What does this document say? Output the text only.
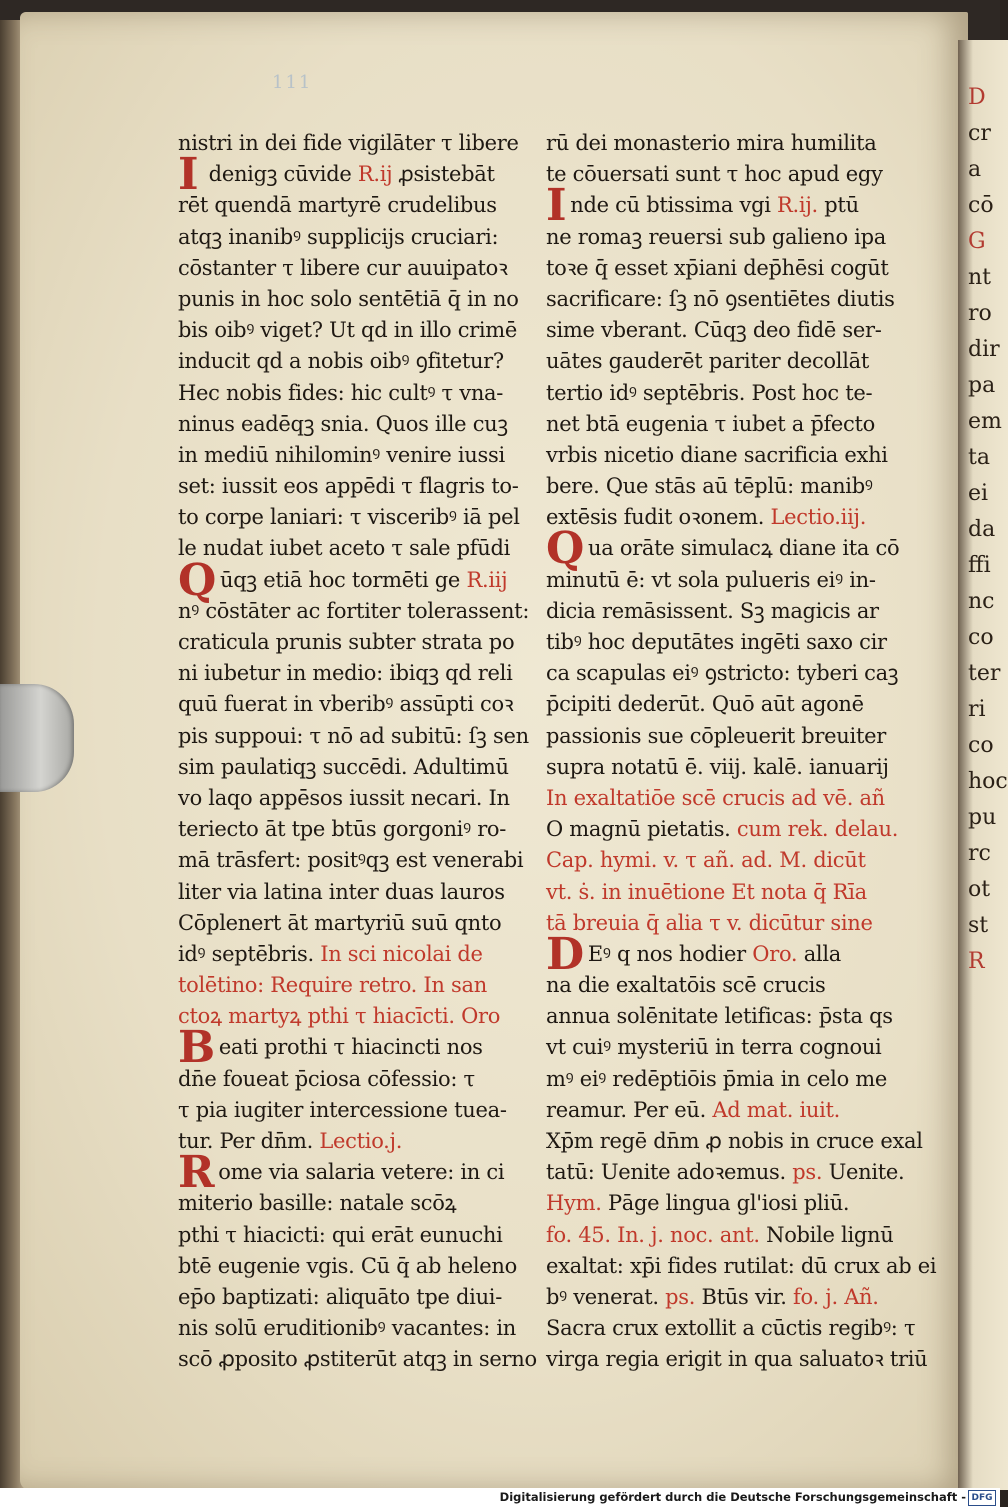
D
cr
a
cō
G
nt
ro
dir
pa
em
ta
ei
da
ffi
nc
co
ter
ri
co
hoc
pu
rc
ot
st
R
111
nistri in dei fide vigilāter τ libere
I denigꝫ cūvide R.ij ꝓsistebāt
rēt quendā martyrē crudelibus
atqꝫ inanibꝰ supplicijs cruciari:
cōstanter τ libere cur auuipatoꝛ
punis in hoc solo sentētiā q̄ in no
bis oibꝰ viget? Ut qd in illo crimē
inducit qd a nobis oibꝰ ꝯfitetur?
Hec nobis fides: hic cultꝰ τ vna-
ninus eadēqꝫ snia. Quos ille cuꝫ
in mediū nihilominꝰ venire iussi
set: iussit eos appēdi τ flagris to-
to corpe laniari: τ visceribꝰ iā pel
le nudat iubet aceto τ sale pfūdi
Qūqꝫ etiā hoc tormēti ge R.iij
nꝰ cōstāter ac fortiter tolerassent:
craticula prunis subter strata po
ni iubetur in medio: ibiqꝫ qd reli
quū fuerat in vberibꝰ assūpti coꝛ
pis suppoui: τ nō ad subitū: ſꝫ sen
sim paulatiqꝫ succēdi. Adultimū
vo laqo appēsos iussit necari. In
teriecto āt tpe btūs gorgoniꝰ ro-
mā trāsfert: positꝰqꝫ est venerabi
liter via latina inter duas lauros
Cōplenert āt martyriū suū qnto
idꝰ septēbris. In sci nicolai de
tolētino: Require retro. In san
ctoꝝ martyꝝ pthi τ hiacīcti. Oro
Beati prothi τ hiacincti nos
dn̄e foueat p̄ciosa cōfessio: τ
τ pia iugiter intercessione tuea-
tur. Per dn̄m. Lectio.j.
Rome via salaria vetere: in ci
miterio basille: natale scōꝝ
pthi τ hiacicti: qui erāt eunuchi
btē eugenie vgis. Cū q̄ ab helenο
ep̄o baptizati: aliquāto tpe diui-
nis solū eruditionibꝰ vacantes: in
scō ꝓposito ꝓstiterūt atqꝫ in serno
rū dei monasterio mira humilita
te cōuersati sunt τ hoc apud egy
Inde cū btissima vgi R.ij. ptū
ne romaꝫ reuersi sub galieno ipa
toꝛe q̄ esset xp̄iani dep̄hēsi cogūt
sacrificare: ſꝫ nō ꝯsentiētes diutis
sime vberant. Cūqꝫ deo fidē ser-
uātes gauderēt pariter decollāt
tertio idꝰ septēbris. Post hoc te-
net btā eugenia τ iubet a p̄fecto
vrbis nicetio diane sacrificia exhi
bere. Que stās aū tēplū: manibꝰ
extēsis fudit oꝛonem. Lectio.iij.
Qua orāte simulacꝝ diane ita cō
minutū ē: vt sola pulueris eiꝰ in-
dicia remāsissent. Sꝫ magicis ar
tibꝰ hoc deputātes ingēti saxo cir
ca scapulas eiꝰ ꝯstricto: tyberi caꝫ
p̄cipiti dederūt. Quō aūt agonē
passionis sue cōpleuerit breuiter
supra notatū ē. viij. kalē. ianuarij
In exaltatiōe scē crucis ad vē. añ
O magnū pietatis. cum rek. delau.
Cap. hymi. v. τ añ. ad. M. dicūt
vt. ṡ. in inuētione Et nota q̄ Rīa
tā breuia q̄ alia τ v. dicūtur sine
DEꝰ q nos hodier Oro. alla
na die exaltatōis scē crucis
annua solēnitate letificas: p̄sta qs
vt cuiꝰ mysteriū in terra cognoui
mꝰ eiꝰ redēptiōis p̄mia in celo me
reamur. Per eū. Ad mat. iuit.
Xp̄m regē dn̄m ꝓ nobis in cruce exal
tatū: Uenite adoꝛemus. ps. Uenite.
Hym. Pāge lingua gl'iosi pliū.
fo. 45. In. j. noc. ant. Nobile lignū
exaltat: xp̄i fides rutilat: dū crux ab ei
bꝰ venerat. ps. Btūs vir. fo. j. Añ.
Sacra crux extollit a cūctis regibꝰ: τ
virga regia erigit in qua saluatoꝛ triū
Digitalisierung gefördert durch die Deutsche Forschungsgemeinschaft - DFG
